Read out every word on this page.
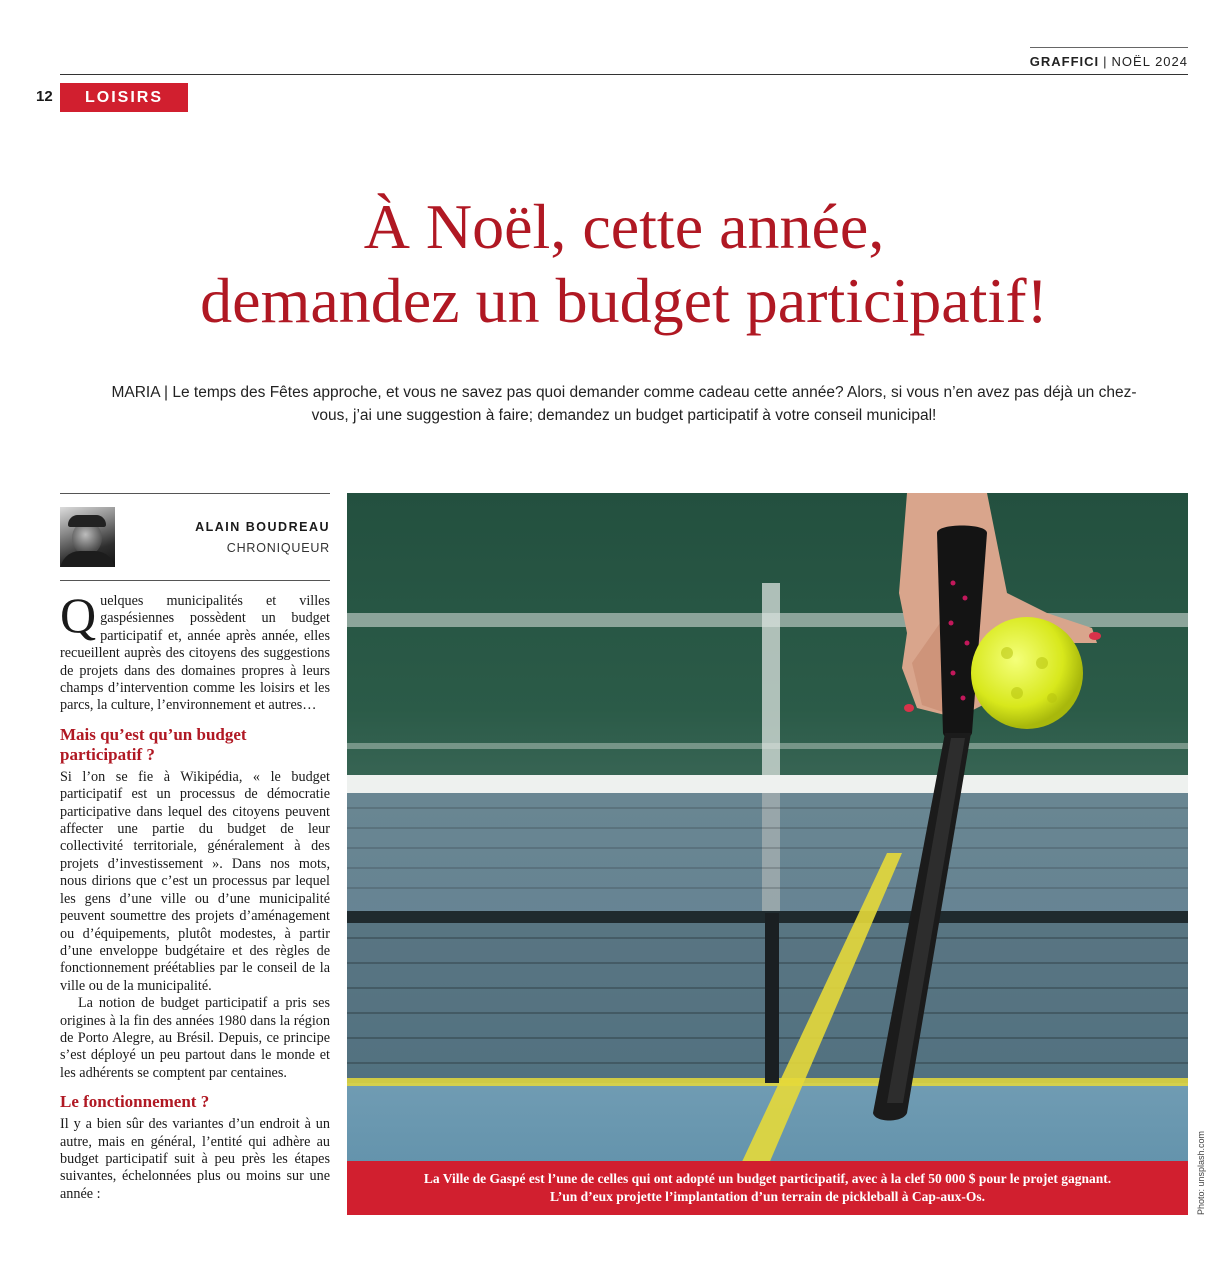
GRAFFICI | NOËL 2024
12	LOISIRS
À Noël, cette année,
demandez un budget participatif!
MARIA | Le temps des Fêtes approche, et vous ne savez pas quoi demander comme cadeau cette année? Alors, si vous n’en avez pas déjà un chez-vous, j’ai une suggestion à faire; demandez un budget participatif à votre conseil municipal!
ALAIN BOUDREAU
CHRONIQUEUR

Quelques municipalités et villes gaspésiennes possèdent un budget participatif et, année après année, elles recueillent auprès des citoyens des suggestions de projets dans des domaines propres à leurs champs d’intervention comme les loisirs et les parcs, la culture, l’environnement et autres…

Mais qu’est qu’un budget participatif ?

Si l’on se fie à Wikipédia, « le budget participatif est un processus de démocratie participative dans lequel des citoyens peuvent affecter une partie du budget de leur collectivité territoriale, généralement à des projets d’investissement ». Dans nos mots, nous dirions que c’est un processus par lequel les gens d’une ville ou d’une municipalité peuvent soumettre des projets d’aménagement ou d’équipements, plutôt modestes, à partir d’une enveloppe budgétaire et des règles de fonctionnement préétablies par le conseil de la ville ou de la municipalité.

La notion de budget participatif a pris ses origines à la fin des années 1980 dans la région de Porto Alegre, au Brésil. Depuis, ce principe s’est déployé un peu partout dans le monde et les adhérents se comptent par centaines.

Le fonctionnement ?

Il y a bien sûr des variantes d’un endroit à un autre, mais en général, l’entité qui adhère au budget participatif suit à peu près les étapes suivantes, échelonnées plus ou moins sur une année :

La Ville de Gaspé est l’une de celles qui ont adopté un budget participatif, avec à la clef 50 000 $ pour le projet gagnant.
L’un d’eux projette l’implantation d’un terrain de pickleball à Cap-aux-Os.	Photo: unsplash.com
